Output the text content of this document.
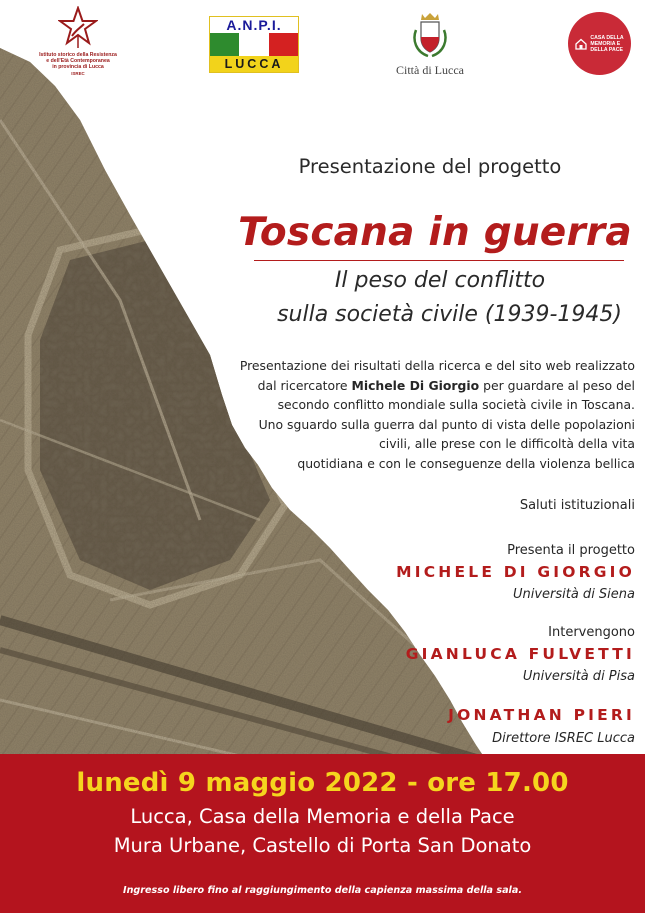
Istituto storico della Resistenza
e dell'Età Contemporanea
in provincia di Lucca
ISREC
A.N.P.I.
LUCCA	Città di Lucca
CASA DELLA
MEMORIA E
DELLA PACE
Presentazione del progetto
Toscana in guerra
Il peso del conflitto
sulla società civile (1939-1945)
Presentazione dei risultati della ricerca e del sito web realizzato
dal ricercatore Michele Di Giorgio per guardare al peso del
secondo conflitto mondiale sulla società civile in Toscana.
Uno sguardo sulla guerra dal punto di vista delle popolazioni
civili, alle prese con le difficoltà della vita
quotidiana e con le conseguenze della violenza bellica
Saluti istituzionali
Presenta il progetto
MICHELE DI GIORGIO
Università di Siena
Intervengono
GIANLUCA FULVETTI
Università di Pisa
JONATHAN PIERI
Direttore ISREC Lucca
lunedì 9 maggio 2022 - ore 17.00
Lucca, Casa della Memoria e della Pace
Mura Urbane, Castello di Porta San Donato
Ingresso libero fino al raggiungimento della capienza massima della sala.
